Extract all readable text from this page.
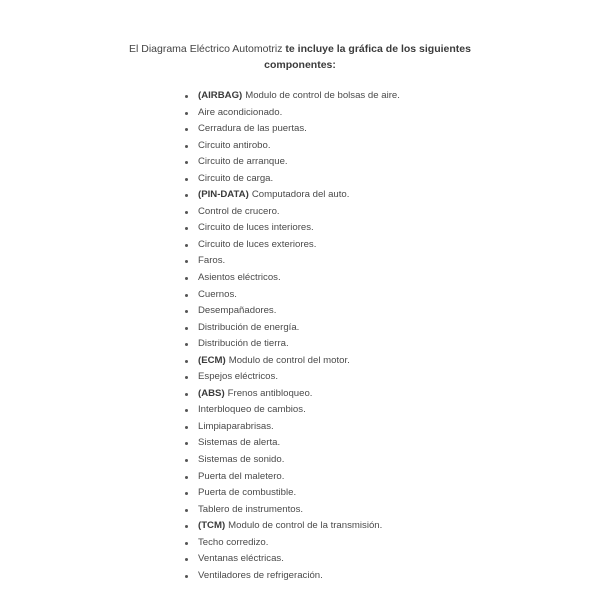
El Diagrama Eléctrico Automotriz te incluye la gráfica de los siguientes
componentes:
(AIRBAG) Modulo de control de bolsas de aire.
Aire acondicionado.
Cerradura de las puertas.
Circuito antirobo.
Circuito de arranque.
Circuito de carga.
(PIN-DATA) Computadora del auto.
Control de crucero.
Circuito de luces interiores.
Circuito de luces exteriores.
Faros.
Asientos eléctricos.
Cuernos.
Desempañadores.
Distribución de energía.
Distribución de tierra.
(ECM) Modulo de control del motor.
Espejos eléctricos.
(ABS) Frenos antibloqueo.
Interbloqueo de cambios.
Limpiaparabrisas.
Sistemas de alerta.
Sistemas de sonido.
Puerta del maletero.
Puerta de combustible.
Tablero de instrumentos.
(TCM) Modulo de control de la transmisión.
Techo corredizo.
Ventanas eléctricas.
Ventiladores de refrigeración.
